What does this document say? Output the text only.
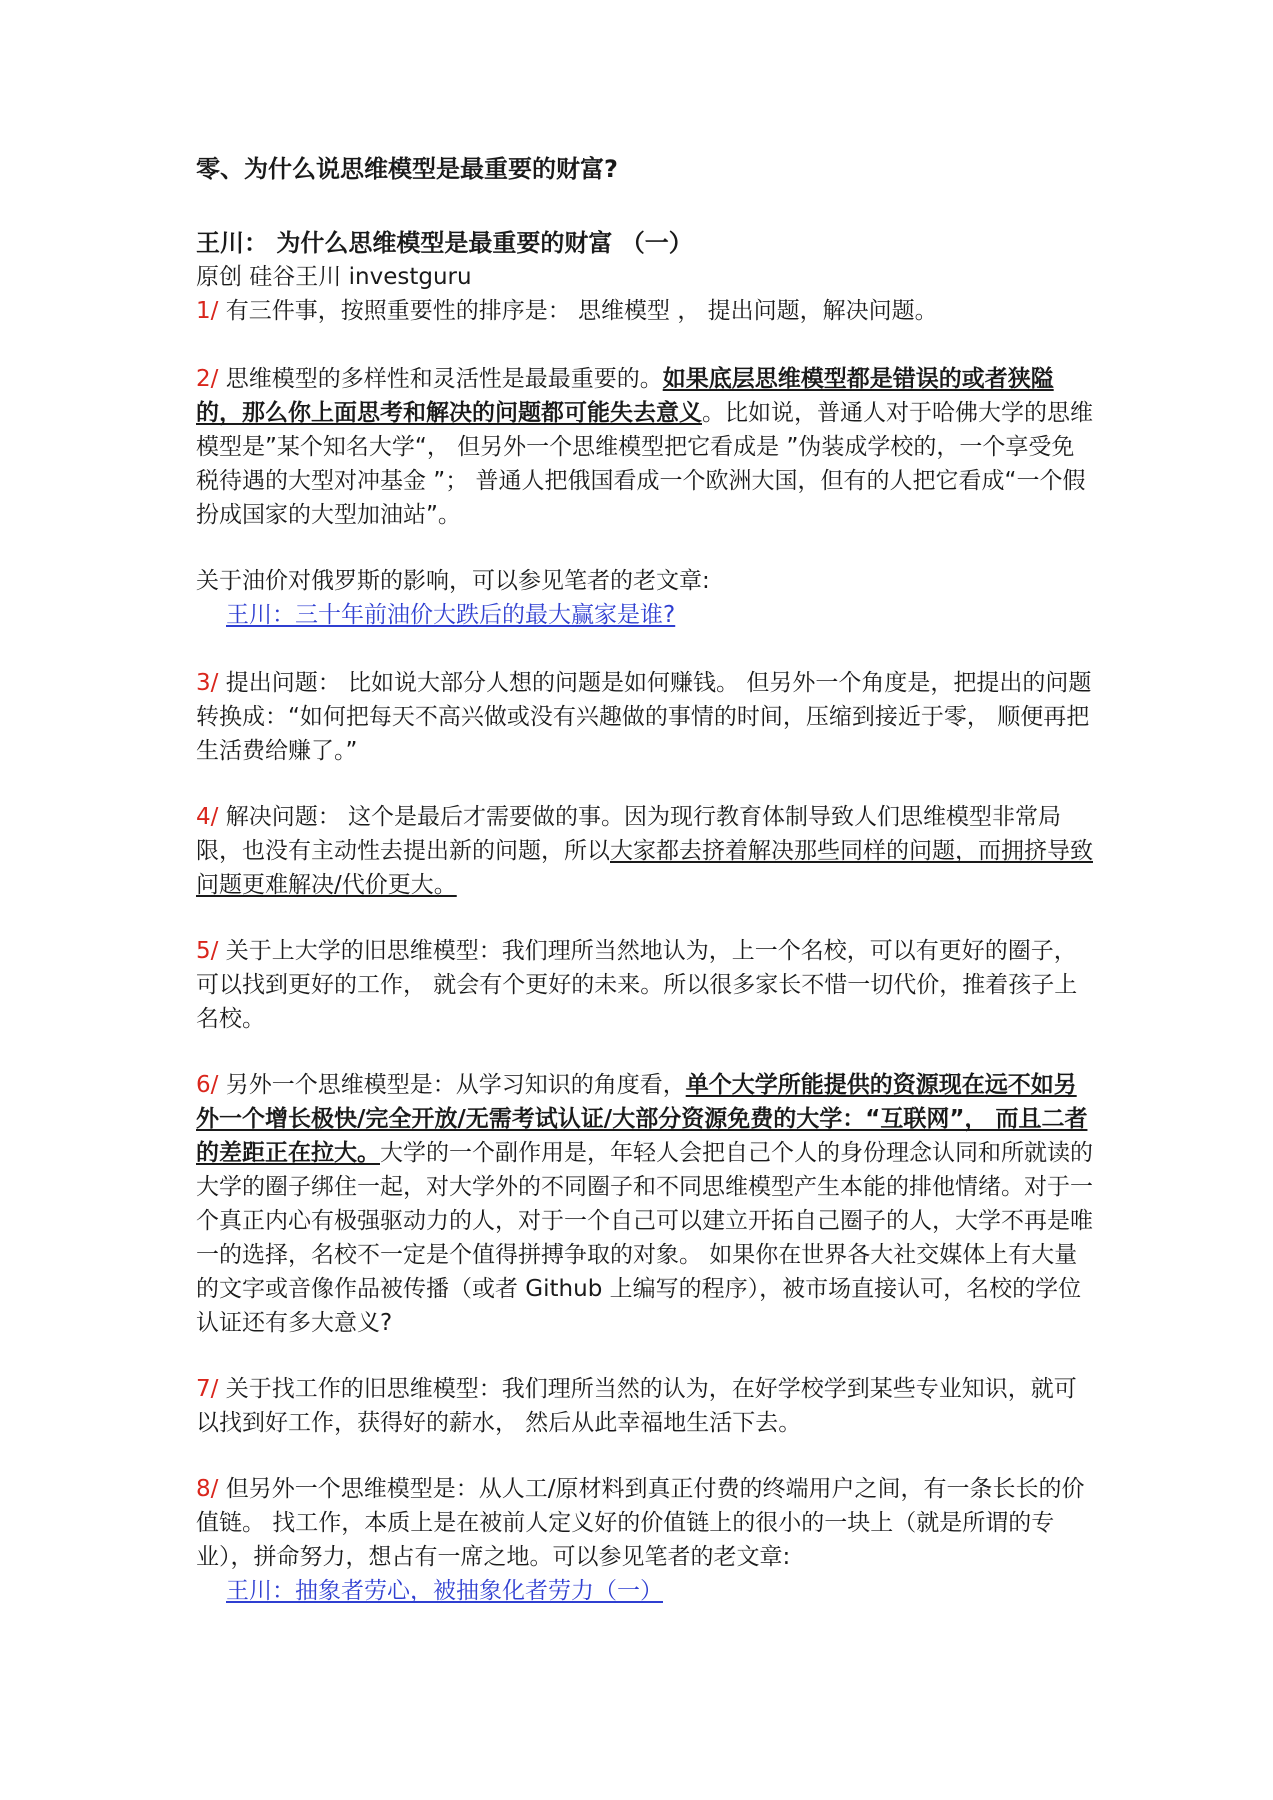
零、为什么说思维模型是最重要的财富?
王川： 为什么思维模型是最重要的财富 （一）
原创 硅谷王川 investguru

1/ 有三件事，按照重要性的排序是： 思维模型 ， 提出问题，解决问题。

2/ 思维模型的多样性和灵活性是最最重要的。如果底层思维模型都是错误的或者狭隘的，那么你上面思考和解决的问题都可能失去意义。比如说，普通人对于哈佛大学的思维模型是”某个知名大学“， 但另外一个思维模型把它看成是 ”伪装成学校的，一个享受免税待遇的大型对冲基金 ”； 普通人把俄国看成一个欧洲大国，但有的人把它看成“一个假扮成国家的大型加油站”。

关于油价对俄罗斯的影响，可以参见笔者的老文章:

王川：三十年前油价大跌后的最大赢家是谁?

3/ 提出问题： 比如说大部分人想的问题是如何赚钱。 但另外一个角度是，把提出的问题转换成：“如何把每天不高兴做或没有兴趣做的事情的时间，压缩到接近于零， 顺便再把生活费给赚了。”

4/ 解决问题： 这个是最后才需要做的事。因为现行教育体制导致人们思维模型非常局限，也没有主动性去提出新的问题，所以大家都去挤着解决那些同样的问题，而拥挤导致问题更难解决/代价更大。

5/ 关于上大学的旧思维模型：我们理所当然地认为，上一个名校，可以有更好的圈子，可以找到更好的工作， 就会有个更好的未来。所以很多家长不惜一切代价，推着孩子上名校。

6/ 另外一个思维模型是：从学习知识的角度看，单个大学所能提供的资源现在远不如另外一个增长极快/完全开放/无需考试认证/大部分资源免费的大学：“互联网”， 而且二者的差距正在拉大。大学的一个副作用是，年轻人会把自己个人的身份理念认同和所就读的大学的圈子绑住一起，对大学外的不同圈子和不同思维模型产生本能的排他情绪。对于一个真正内心有极强驱动力的人，对于一个自己可以建立开拓自己圈子的人，大学不再是唯一的选择，名校不一定是个值得拼搏争取的对象。 如果你在世界各大社交媒体上有大量的文字或音像作品被传播（或者 Github 上编写的程序），被市场直接认可，名校的学位认证还有多大意义?

7/ 关于找工作的旧思维模型：我们理所当然的认为，在好学校学到某些专业知识，就可以找到好工作，获得好的薪水， 然后从此幸福地生活下去。

8/ 但另外一个思维模型是：从人工/原材料到真正付费的终端用户之间，有一条长长的价值链。 找工作，本质上是在被前人定义好的价值链上的很小的一块上（就是所谓的专业），拼命努力，想占有一席之地。可以参见笔者的老文章:

王川：抽象者劳心，被抽象化者劳力（一）
